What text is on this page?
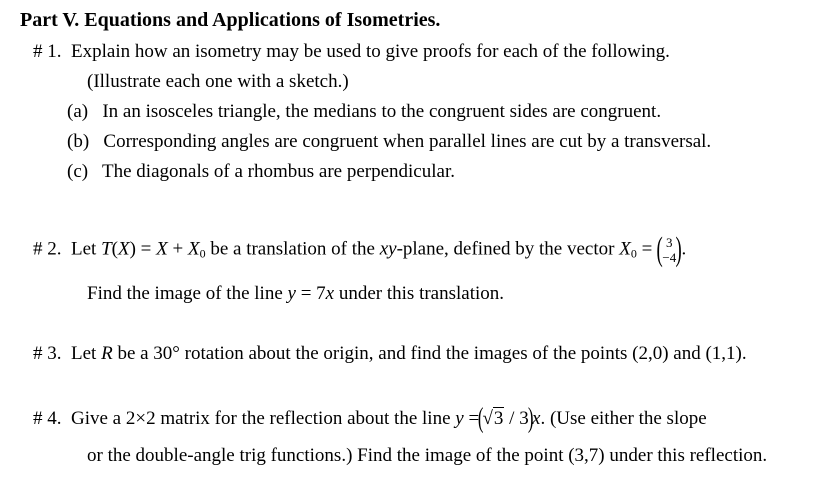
Part V. Equations and Applications of Isometries.
# 1. Explain how an isometry may be used to give proofs for each of the following.
(Illustrate each one with a sketch.)
(a) In an isosceles triangle, the medians to the congruent sides are congruent.
(b) Corresponding angles are congruent when parallel lines are cut by a transversal.
(c) The diagonals of a rhombus are perpendicular.
# 2. Let $T(X) = X + X_0$ be a translation of the xy-plane, defined by the vector $X_0$ = ( 3
−4 ).
Find the image of the line y = 7x under this translation.
# 3. Let R be a 30° rotation about the origin, and find the images of the points (2,0) and (1,1).
# 4. Give a 2×2 matrix for the reflection about the line y =(√3 / 3)x. (Use either the slope
or the double-angle trig functions.) Find the image of the point (3,7) under this reflection.
